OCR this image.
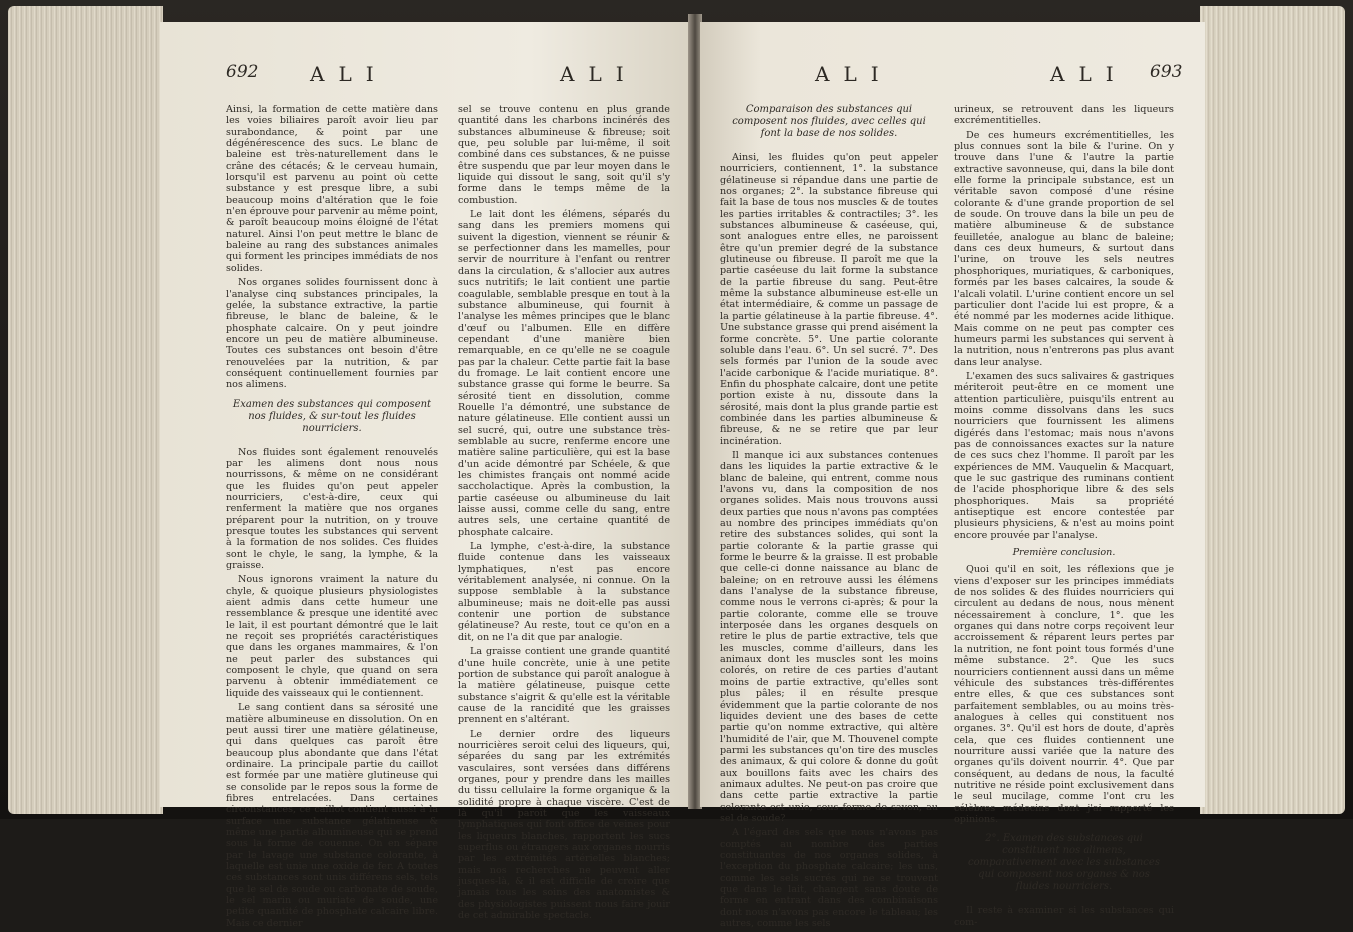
692	ALI	ALI

Ainsi, la formation de cette matière dans les voies biliaires paroît avoir lieu par surabondance, & point par une dégénérescence des sucs. Le blanc de baleine est très-naturellement dans le crâne des cétacés; & le cerveau humain, lorsqu'il est parvenu au point où cette substance y est presque libre, a subi beaucoup moins d'altération que le foie n'en éprouve pour parvenir au même point, & paroît beaucoup moins éloigné de l'état naturel. Ainsi l'on peut mettre le blanc de baleine au rang des substances animales qui forment les principes immédiats de nos solides.

Nos organes solides fournissent donc à l'analyse cinq substances principales, la gelée, la substance extractive, la partie fibreuse, le blanc de baleine, & le phosphate calcaire. On y peut joindre encore un peu de matière albumineuse. Toutes ces substances ont besoin d'être renouvelées par la nutrition, & par conséquent continuellement fournies par nos alimens.

Examen des substances qui composent nos fluides, & sur-tout les fluides nourriciers.

Nos fluides sont également renouvelés par les alimens dont nous nous nourrissons, & même on ne considérant que les fluides qu'on peut appeler nourriciers, c'est-à-dire, ceux qui renferment la matière que nos organes préparent pour la nutrition, on y trouve presque toutes les substances qui servent à la formation de nos solides. Ces fluides sont le chyle, le sang, la lymphe, & la graisse.

Nous ignorons vraiment la nature du chyle, & quoique plusieurs physiologistes aient admis dans cette humeur une ressemblance & presque une identité avec le lait, il est pourtant démontré que le lait ne reçoit ses propriétés caractéristiques que dans les organes mammaires, & l'on ne peut parler des substances qui composent le chyle, que quand on sera parvenu à obtenir immédiatement ce liquide des vaisseaux qui le contiennent.

Le sang contient dans sa sérosité une matière albumineuse en dissolution. On en peut aussi tirer une matière gélatineuse, qui dans quelques cas paroît être beaucoup plus abondante que dans l'état ordinaire. La principale partie du caillot est formée par une matière glutineuse qui se consolide par le repos sous la forme de fibres entrelacées. Dans certaines circonstances, ce caillot contient aussi à la surface une substance gélatineuse & même une partie albumineuse qui se prend sous la forme de couenne. On en sépare par le lavage une substance colorante, à laquelle est unie une oxide de fer. A toutes ces substances sont unis différens sels, tels que le sel de soude ou carbonate de soude, le sel marin ou muriate de soude, une petite quantité de phosphate calcaire libre. Mais ce dernier

sel se trouve contenu en plus grande quantité dans les charbons incinérés des substances albumineuse & fibreuse; soit que, peu soluble par lui-même, il soit combiné dans ces substances, & ne puisse être suspendu que par leur moyen dans le liquide qui dissout le sang, soit qu'il s'y forme dans le temps même de la combustion.

Le lait dont les élémens, séparés du sang dans les premiers momens qui suivent la digestion, viennent se réunir & se perfectionner dans les mamelles, pour servir de nourriture à l'enfant ou rentrer dans la circulation, & s'allocier aux autres sucs nutritifs; le lait contient une partie coagulable, semblable presque en tout à la substance albumineuse, qui fournit à l'analyse les mêmes principes que le blanc d'œuf ou l'albumen. Elle en diffère cependant d'une manière bien remarquable, en ce qu'elle ne se coagule pas par la chaleur. Cette partie fait la base du fromage. Le lait contient encore une substance grasse qui forme le beurre. Sa sérosité tient en dissolution, comme Rouelle l'a démontré, une substance de nature gélatineuse. Elle contient aussi un sel sucré, qui, outre une substance très-semblable au sucre, renferme encore une matière saline particulière, qui est la base d'un acide démontré par Schéele, & que les chimistes français ont nommé acide saccholactique. Après la combustion, la partie caséeuse ou albumineuse du lait laisse aussi, comme celle du sang, entre autres sels, une certaine quantité de phosphate calcaire.

La lymphe, c'est-à-dire, la substance fluide contenue dans les vaisseaux lymphatiques, n'est pas encore véritablement analysée, ni connue. On la suppose semblable à la substance albumineuse; mais ne doit-elle pas aussi contenir une portion de substance gélatineuse? Au reste, tout ce qu'on en a dit, on ne l'a dit que par analogie.

La graisse contient une grande quantité d'une huile concrète, unie à une petite portion de substance qui paroît analogue à la matière gélatineuse, puisque cette substance s'aigrit & qu'elle est la véritable cause de la rancidité que les graisses prennent en s'altérant.

Le dernier ordre des liqueurs nourricières seroit celui des liqueurs, qui, séparées du sang par les extrémités vasculaires, sont versées dans différens organes, pour y prendre dans les mailles du tissu cellulaire la forme organique & la solidité propre à chaque viscère. C'est de là qu'il paroît que les vaisseaux lymphatiques qui font office de veines pour les liqueurs blanches, rapportent les sucs superflus ou étrangers aux organes nourris par les extrémités artérielles blanches; mais nos recherches ne peuvent aller jusques-là, & il est difficile de croire que jamais tous les soins des anatomistes & des physiologistes puissent nous faire jouir de cet admirable spectacle.

ALI	ALI 693

Comparaison des substances qui composent nos fluides, avec celles qui font la base de nos solides.

Ainsi, les fluides qu'on peut appeler nourriciers, contiennent, 1°. la substance gélatineuse si répandue dans une partie de nos organes; 2°. la substance fibreuse qui fait la base de tous nos muscles & de toutes les parties irritables & contractiles; 3°. les substances albumineuse & caséeuse, qui, sont analogues entre elles, ne paroissent être qu'un premier degré de la substance glutineuse ou fibreuse. Il paroît me que la partie caséeuse du lait forme la substance de la partie fibreuse du sang. Peut-être même la substance albumineuse est-elle un état intermédiaire, & comme un passage de la partie gélatineuse à la partie fibreuse. 4°. Une substance grasse qui prend aisément la forme concrète. 5°. Une partie colorante soluble dans l'eau. 6°. Un sel sucré. 7°. Des sels formés par l'union de la soude avec l'acide carbonique & l'acide muriatique. 8°. Enfin du phosphate calcaire, dont une petite portion existe à nu, dissoute dans la sérosité, mais dont la plus grande partie est combinée dans les parties albumineuse & fibreuse, & ne se retire que par leur incinération.

Il manque ici aux substances contenues dans les liquides la partie extractive & le blanc de baleine, qui entrent, comme nous l'avons vu, dans la composition de nos organes solides. Mais nous trouvons aussi deux parties que nous n'avons pas comptées au nombre des principes immédiats qu'on retire des substances solides, qui sont la partie colorante & la partie grasse qui forme le beurre & la graisse. Il est probable que celle-ci donne naissance au blanc de baleine; on en retrouve aussi les élémens dans l'analyse de la substance fibreuse, comme nous le verrons ci-après; & pour la partie colorante, comme elle se trouve interposée dans les organes desquels on retire le plus de partie extractive, tels que les muscles, comme d'ailleurs, dans les animaux dont les muscles sont les moins colorés, on retire de ces parties d'autant moins de partie extractive, qu'elles sont plus pâles; il en résulte presque évidemment que la partie colorante de nos liquides devient une des bases de cette partie qu'on nomme extractive, qui altère l'humidité de l'air, que M. Thouvenel compte parmi les substances qu'on tire des muscles des animaux, & qui colore & donne du goût aux bouillons faits avec les chairs des animaux adultes. Ne peut-on pas croire que dans cette partie extractive la partie colorante est unie, sous forme de savon, au sel de soude?

A l'égard des sels que nous n'avons pas comptés au nombre des parties constituantes de nos organes solides, à l'exception du phosphate calcaire; les uns, comme les sels sucrés qui ne se trouvent que dans le lait, changent sans doute de forme en entrant dans des combinaisons dont nous n'avons pas encore le tableau; les autres, comme les sels

urineux, se retrouvent dans les liqueurs excrémentitielles.

De ces humeurs excrémentitielles, les plus connues sont la bile & l'urine. On y trouve dans l'une & l'autre la partie extractive savonneuse, qui, dans la bile dont elle forme la principale substance, est un véritable savon composé d'une résine colorante & d'une grande proportion de sel de soude. On trouve dans la bile un peu de matière albumineuse & de substance feuilletée, analogue au blanc de baleine; dans ces deux humeurs, & surtout dans l'urine, on trouve les sels neutres phosphoriques, muriatiques, & carboniques, formés par les bases calcaires, la soude & l'alcali volatil. L'urine contient encore un sel particulier dont l'acide lui est propre, & a été nommé par les modernes acide lithique. Mais comme on ne peut pas compter ces humeurs parmi les substances qui servent à la nutrition, nous n'entrerons pas plus avant dans leur analyse.

L'examen des sucs salivaires & gastriques mériteroit peut-être en ce moment une attention particulière, puisqu'ils entrent au moins comme dissolvans dans les sucs nourriciers que fournissent les alimens digérés dans l'estomac; mais nous n'avons pas de connoissances exactes sur la nature de ces sucs chez l'homme. Il paroît par les expériences de MM. Vauquelin & Macquart, que le suc gastrique des ruminans contient de l'acide phosphorique libre & des sels phosphoriques. Mais sa propriété antiseptique est encore contestée par plusieurs physiciens, & n'est au moins point encore prouvée par l'analyse.

Première conclusion.

Quoi qu'il en soit, les réflexions que je viens d'exposer sur les principes immédiats de nos solides & des fluides nourriciers qui circulent au dedans de nous, nous mènent nécessairement à conclure, 1°. que les organes qui dans notre corps reçoivent leur accroissement & réparent leurs pertes par la nutrition, ne font point tous formés d'une même substance. 2°. Que les sucs nourriciers contiennent aussi dans un même véhicule des substances très-différentes entre elles, & que ces substances sont parfaitement semblables, ou au moins très-analogues à celles qui constituent nos organes. 3°. Qu'il est hors de doute, d'après cela, que ces fluides contiennent une nourriture aussi variée que la nature des organes qu'ils doivent nourrir. 4°. Que par conséquent, au dedans de nous, la faculté nutritive ne réside point exclusivement dans le seul mucilage, comme l'ont cru les célèbres médecins dont j'ai rapporté les opinions.

2°. Examen des substances qui constituent nos alimens, comparativement avec les substances qui composent nos organes & nos fluides nourriciers.

Il reste à examiner si les substances qui com-
